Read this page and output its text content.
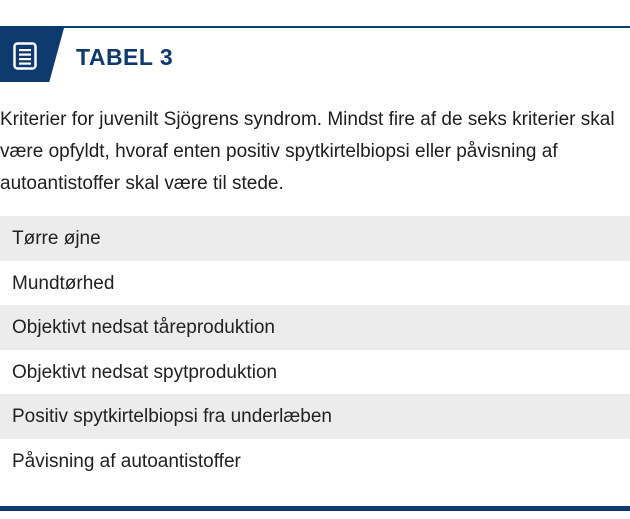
TABEL 3
Kriterier for juvenilt Sjögrens syndrom. Mindst fire af de seks kriterier skal være opfyldt, hvoraf enten positiv spytkirtelbiopsi eller påvisning af autoantistoffer skal være til stede.
Tørre øjne
Mundtørhed
Objektivt nedsat tåreproduktion
Objektivt nedsat spytproduktion
Positiv spytkirtelbiopsi fra underlæben
Påvisning af autoantistoffer
